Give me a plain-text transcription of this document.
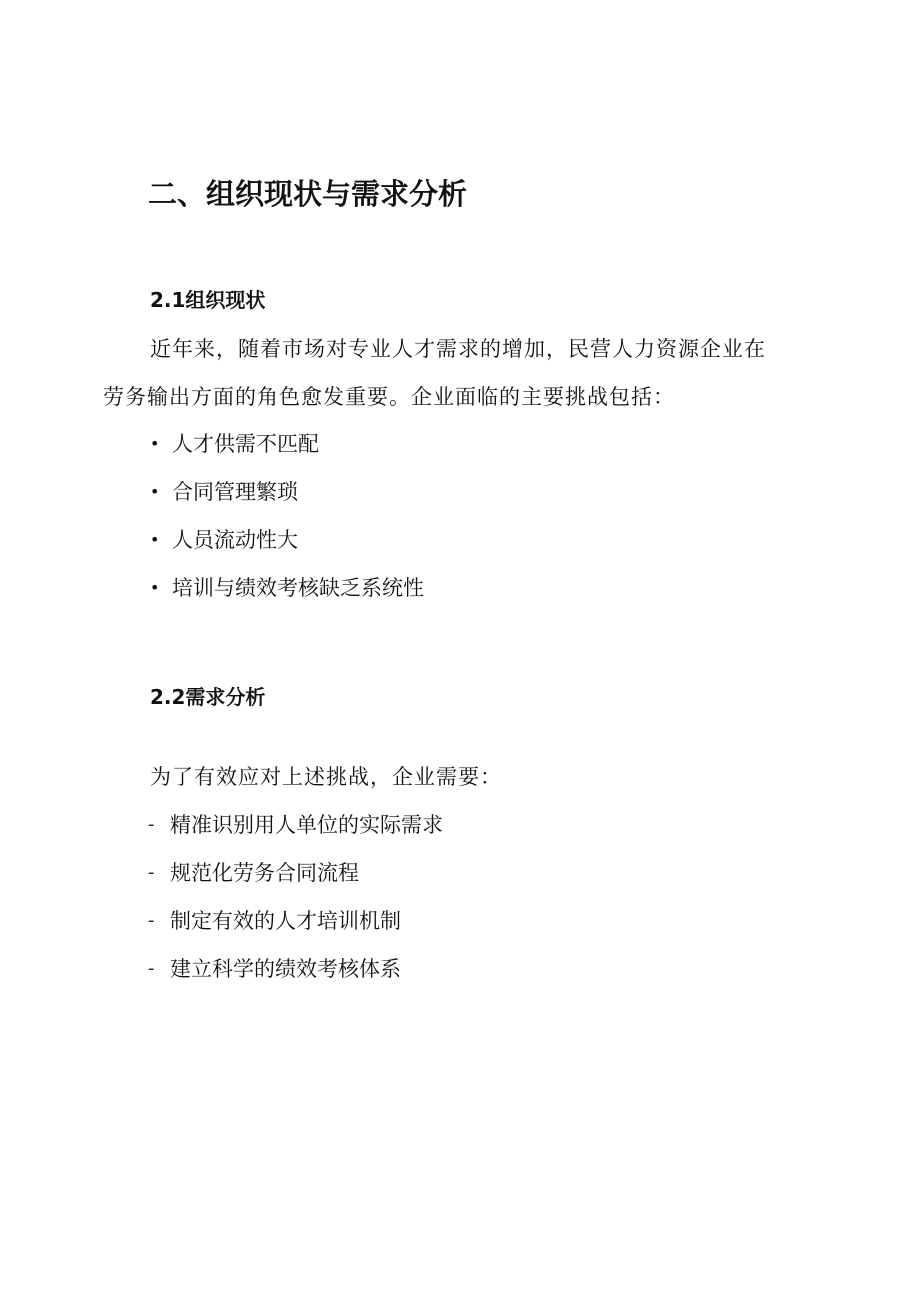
二、组织现状与需求分析
2.1组织现状
近年来，随着市场对专业人才需求的增加，民营人力资源企业在
劳务输出方面的角色愈发重要。企业面临的主要挑战包括：
• 人才供需不匹配
• 合同管理繁琐
• 人员流动性大
• 培训与绩效考核缺乏系统性
2.2需求分析
为了有效应对上述挑战，企业需要：
- 精准识别用人单位的实际需求
- 规范化劳务合同流程
- 制定有效的人才培训机制
- 建立科学的绩效考核体系
